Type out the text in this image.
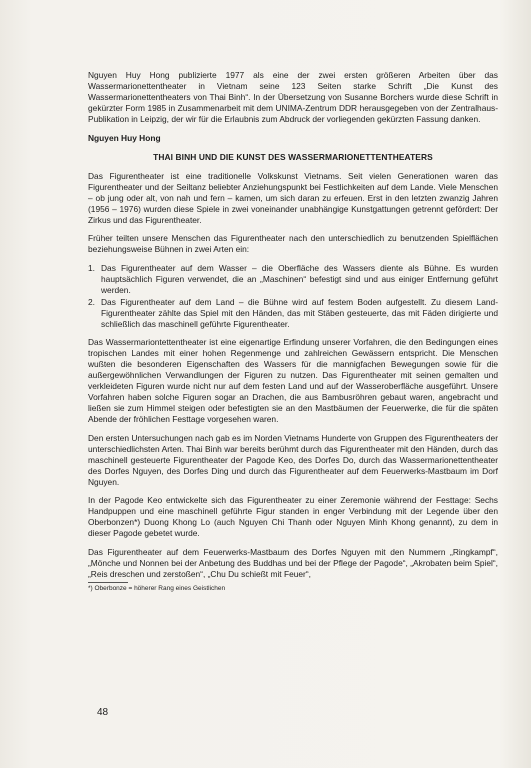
Nguyen Huy Hong publizierte 1977 als eine der zwei ersten größeren Arbeiten über das Wassermarionettentheater in Vietnam seine 123 Seiten starke Schrift „Die Kunst des Wassermarionettentheaters von Thai Binh“. In der Übersetzung von Susanne Borchers wurde diese Schrift in gekürzter Form 1985 in Zusammenarbeit mit dem UNIMA-Zentrum DDR herausgegeben von der Zentralhaus-Publikation in Leipzig, der wir für die Erlaubnis zum Abdruck der vorliegenden gekürzten Fassung danken.

Nguyen Huy Hong

THAI BINH UND DIE KUNST DES WASSERMARIONETTENTHEATERS

Das Figurentheater ist eine traditionelle Volkskunst Vietnams. Seit vielen Generationen waren das Figurentheater und der Seiltanz beliebter Anziehungspunkt bei Festlichkeiten auf dem Lande. Viele Menschen – ob jung oder alt, von nah und fern – kamen, um sich daran zu erfeuen. Erst in den letzten zwanzig Jahren (1956 – 1976) wurden diese Spiele in zwei voneinander unabhängige Kunstgattungen getrennt gefördert: Der Zirkus und das Figurentheater.

Früher teilten unsere Menschen das Figurentheater nach den unterschiedlich zu benutzenden Spielflächen beziehungsweise Bühnen in zwei Arten ein:

1. Das Figurentheater auf dem Wasser – die Oberfläche des Wassers diente als Bühne. Es wurden hauptsächlich Figuren verwendet, die an „Maschinen“ befestigt sind und aus einiger Entfernung geführt werden.
2. Das Figurentheater auf dem Land – die Bühne wird auf festem Boden aufgestellt. Zu diesem Land-Figurentheater zählte das Spiel mit den Händen, das mit Stäben gesteuerte, das mit Fäden dirigierte und schließlich das maschinell geführte Figurentheater.

Das Wassermariontettentheater ist eine eigenartige Erfindung unserer Vorfahren, die den Bedingungen eines tropischen Landes mit einer hohen Regenmenge und zahlreichen Gewässern entspricht. Die Menschen wußten die besonderen Eigenschaften des Wassers für die mannigfachen Bewegungen sowie für die außergewöhnlichen Verwandlungen der Figuren zu nutzen. Das Figurentheater mit seinen gemalten und verkleideten Figuren wurde nicht nur auf dem festen Land und auf der Wasseroberfläche ausgeführt. Unsere Vorfahren haben solche Figuren sogar an Drachen, die aus Bambusröhren gebaut waren, angebracht und ließen sie zum Himmel steigen oder befestigten sie an den Mastbäumen der Feuerwerke, die für die späten Abende der fröhlichen Festtage vorgesehen waren.

Den ersten Untersuchungen nach gab es im Norden Vietnams Hunderte von Gruppen des Figurentheaters der unterschiedlichsten Arten. Thai Binh war bereits berühmt durch das Figurentheater mit den Händen, durch das maschinell gesteuerte Figurentheater der Pagode Keo, des Dorfes Do, durch das Wassermarionettentheater des Dorfes Nguyen, des Dorfes Ding und durch das Figurentheater auf dem Feuerwerks-Mastbaum im Dorf Nguyen.

In der Pagode Keo entwickelte sich das Figurentheater zu einer Zeremonie während der Festtage: Sechs Handpuppen und eine maschinell geführte Figur standen in enger Verbindung mit der Legende über den Oberbonzen*) Duong Khong Lo (auch Nguyen Chi Thanh oder Nguyen Minh Khong genannt), zu dem in dieser Pagode gebetet wurde.

Das Figurentheater auf dem Feuerwerks-Mastbaum des Dorfes Nguyen mit den Nummern „Ringkampf“, „Mönche und Nonnen bei der Anbetung des Buddhas und bei der Pflege der Pagode“, „Akrobaten beim Spiel“, „Reis dreschen und zerstoßen“, „Chu Du schießt mit Feuer“,

*) Oberbonze = höherer Rang eines Geistlichen
48
